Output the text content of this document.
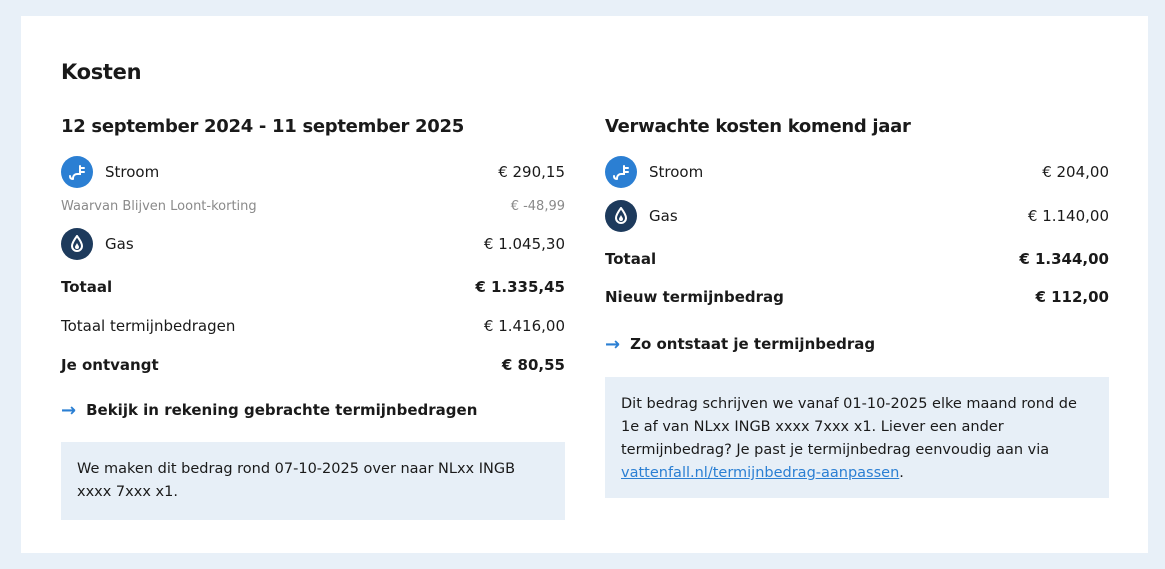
Kosten
12 september 2024 - 11 september 2025
Stroom	€ 290,15
Waarvan Blijven Loont-korting	€ -48,99
Gas	€ 1.045,30
Totaal	€ 1.335,45
Totaal termijnbedragen	€ 1.416,00
Je ontvangt	€ 80,55
→ Bekijk in rekening gebrachte termijnbedragen
We maken dit bedrag rond 07-10-2025 over naar NLxx INGB xxxx 7xxx x1.
Verwachte kosten komend jaar
Stroom	€ 204,00
Gas	€ 1.140,00
Totaal	€ 1.344,00
Nieuw termijnbedrag	€ 112,00
→ Zo ontstaat je termijnbedrag
Dit bedrag schrijven we vanaf 01-10-2025 elke maand rond de 1e af van NLxx INGB xxxx 7xxx x1. Liever een ander termijnbedrag? Je past je termijnbedrag eenvoudig aan via vattenfall.nl/termijnbedrag-aanpassen.
